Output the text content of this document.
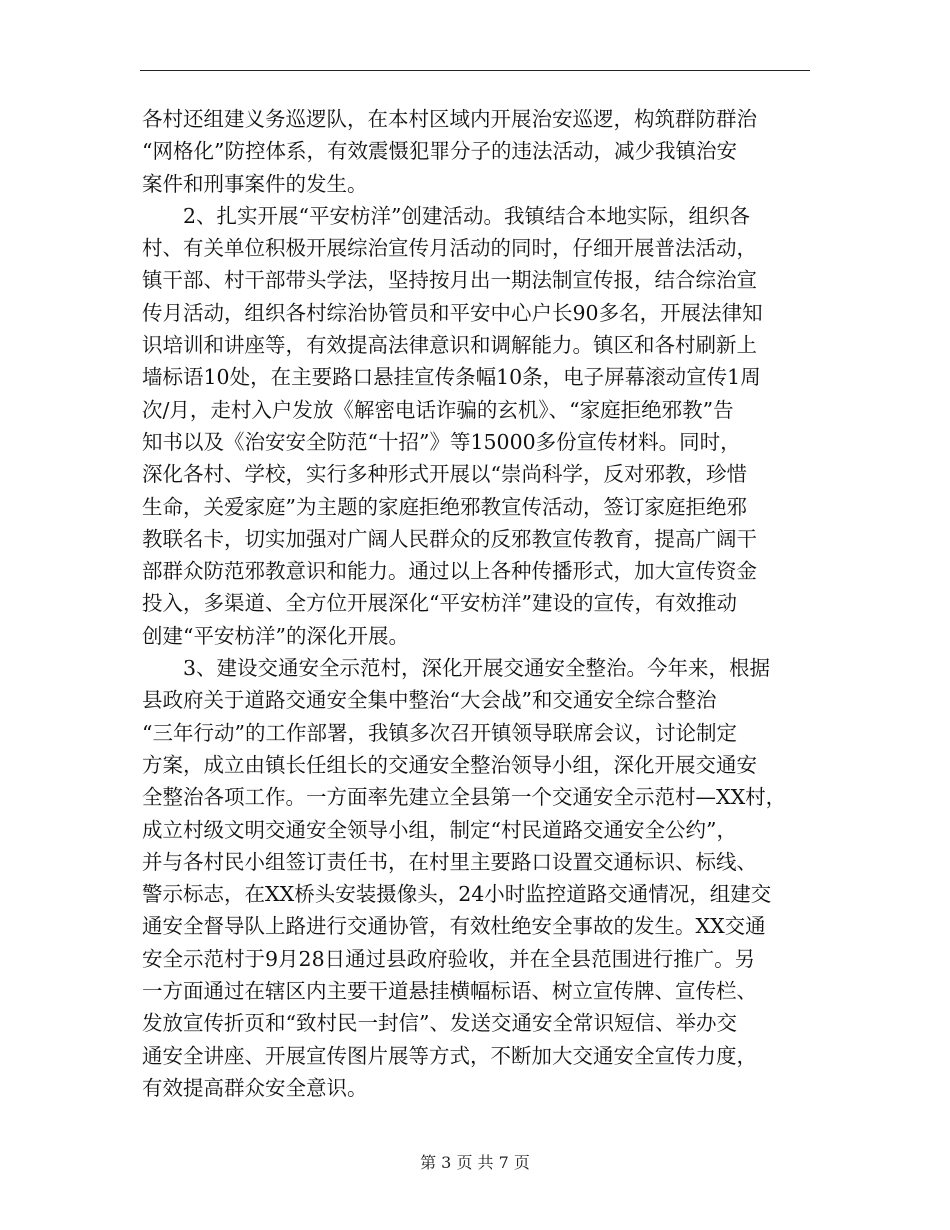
各村还组建义务巡逻队，在本村区域内开展治安巡逻，构筑群防群治
“网格化”防控体系，有效震慑犯罪分子的违法活动，减少我镇治安
案件和刑事案件的发生。
2、扎实开展“平安枋洋”创建活动。我镇结合本地实际，组织各
村、有关单位积极开展综治宣传月活动的同时，仔细开展普法活动，
镇干部、村干部带头学法，坚持按月出一期法制宣传报，结合综治宣
传月活动，组织各村综治协管员和平安中心户长90多名，开展法律知
识培训和讲座等，有效提高法律意识和调解能力。镇区和各村刷新上
墙标语10处，在主要路口悬挂宣传条幅10条，电子屏幕滚动宣传1周
次/月，走村入户发放《解密电话诈骗的玄机》、“家庭拒绝邪教”告
知书以及《治安安全防范“十招”》等15000多份宣传材料。同时，
深化各村、学校，实行多种形式开展以“崇尚科学，反对邪教，珍惜
生命，关爱家庭”为主题的家庭拒绝邪教宣传活动，签订家庭拒绝邪
教联名卡，切实加强对广阔人民群众的反邪教宣传教育，提高广阔干
部群众防范邪教意识和能力。通过以上各种传播形式，加大宣传资金
投入，多渠道、全方位开展深化“平安枋洋”建设的宣传，有效推动
创建“平安枋洋”的深化开展。
3、建设交通安全示范村，深化开展交通安全整治。今年来，根据
县政府关于道路交通安全集中整治“大会战”和交通安全综合整治
“三年行动”的工作部署，我镇多次召开镇领导联席会议，讨论制定
方案，成立由镇长任组长的交通安全整治领导小组，深化开展交通安
全整治各项工作。一方面率先建立全县第一个交通安全示范村—XX村，
成立村级文明交通安全领导小组，制定“村民道路交通安全公约”，
并与各村民小组签订责任书，在村里主要路口设置交通标识、标线、
警示标志，在XX桥头安装摄像头，24小时监控道路交通情况，组建交
通安全督导队上路进行交通协管，有效杜绝安全事故的发生。XX交通
安全示范村于9月28日通过县政府验收，并在全县范围进行推广。另
一方面通过在辖区内主要干道悬挂横幅标语、树立宣传牌、宣传栏、
发放宣传折页和“致村民一封信”、发送交通安全常识短信、举办交
通安全讲座、开展宣传图片展等方式，不断加大交通安全宣传力度，
有效提高群众安全意识。
第 3 页 共 7 页
